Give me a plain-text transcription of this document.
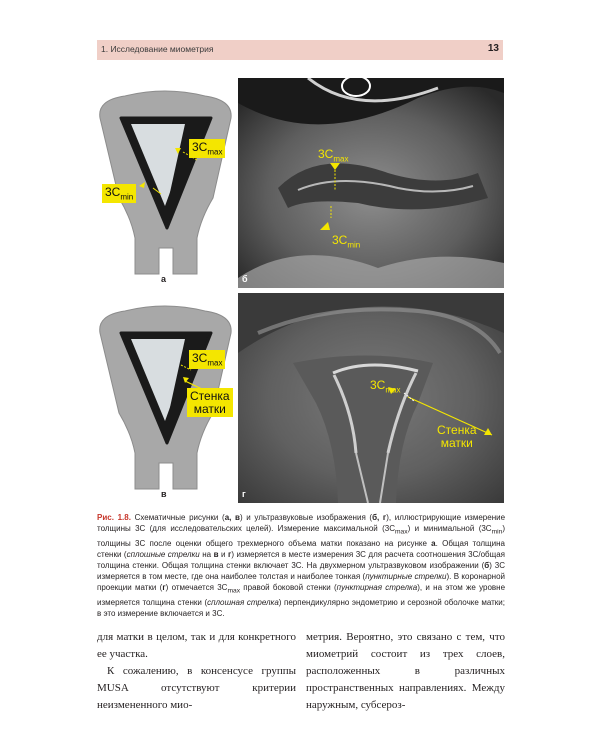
1. Исследование миометрия	13
$3C_{max}$
$3C_{min}$
а
$3C_{max}$
$3C_{min}$
б
$3C_{max}$
Стенка
матки
в
$3C_{max}$
Стенка
матки
г
Рис. 1.8. Схематичные рисунки (а, в) и ультразвуковые изображения (б, г), иллюстрирующие измерение толщины 3С (для исследовательских целей). Измерение максимальной $(3С_{max})$ и минимальной $(3С_{min})$ толщины 3С после оценки общего трехмерного объема матки показано на рисунке а. Общая толщина стенки (сплошные стрелки на в и г) измеряется в месте измерения 3С для расчета соотношения 3С/общая толщина стенки. Общая толщина стенки включает 3С. На двухмерном ультразвуковом изображении (б) 3С измеряется в том месте, где она наиболее толстая и наиболее тонкая (пунктирные стрелки). В коронарной проекции матки (г) отмечается $3С_{max}$ правой боковой стенки (пунктирная стрелка), и на этом же уровне измеряется толщина стенки (сплошная стрелка) перпендикулярно эндометрию и серозной оболочке матки; в это измерение включается и 3С.

для матки в целом, так и для конкретного ее участка.

К сожалению, в консенсусе группы MUSA отсутствуют критерии неизмененного мио-

метрия. Вероятно, это связано с тем, что миометрий состоит из трех слоев, расположенных в различных пространственных направлениях. Между наружным, субсероз-
